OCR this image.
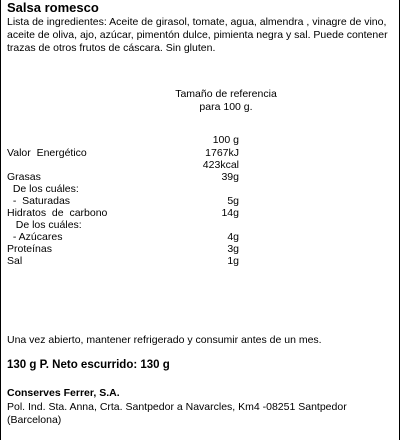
Salsa romesco
Lista de ingredientes: Aceite de girasol, tomate, agua, almendra , vinagre de vino, aceite de oliva, ajo, azúcar, pimentón dulce, pimienta negra y sal. Puede contener trazas de otros frutos de cáscara. Sin gluten.
Tamaño de referencia
para 100 g.
100 g
Valor  Energético	1767kJ
423kcal
Grasas	39g
De los cuáles:
-  Saturadas	5g
Hidratos  de  carbono	14g
De los cuáles:
- Azúcares	4g
Proteínas	3g
Sal	1g
Una vez abierto, mantener refrigerado y consumir antes de un mes.
130 g P. Neto escurrido: 130 g
Conserves Ferrer, S.A.
Pol. Ind. Sta. Anna, Crta. Santpedor a Navarcles, Km4 -08251 Santpedor (Barcelona)
